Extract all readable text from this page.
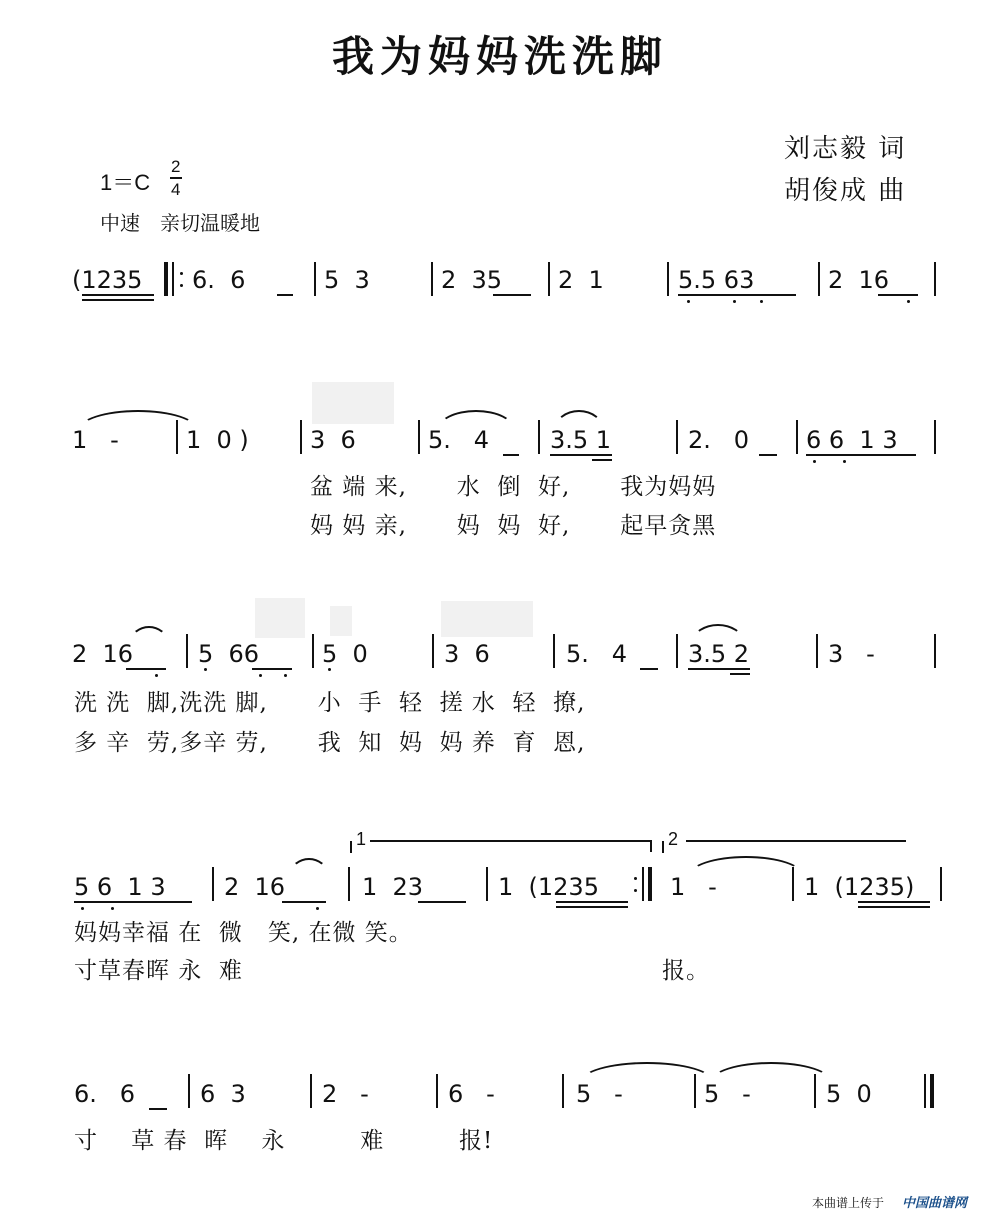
我为妈妈洗洗脚
刘志毅 词
胡俊成 曲
1＝C
2
4
中速　亲切温暖地
(1235 6.  6	5  3	2  35 2  1	5.5 63	2  16
1   -	1  0 )	3  6	5.   4	3.5 1	2.   0 6 6  1 3
盆 端 来,      水  倒  好,      我为妈妈
妈 妈 亲,      妈  妈  好,      起早贪黑
2  16	5  66	5  0	3  6	5.   4	3.5 2	3   -
洗 洗  脚,洗洗 脚,      小  手  轻  搓 水  轻  撩,
多 辛  劳,多辛 劳,      我  知  妈  妈 养  育  恩,
1	2
5 6  1 3 2  16	1  23	1  (1235	1   -	1  (1235)
妈妈幸福 在  微   笑, 在微 笑。
寸草春晖 永  难	报。
6.   6	6  3	2   -	6   -	5   -	5   -	5  0
寸    草 春  晖    永         难         报!
本曲谱上传于 中国曲谱网
